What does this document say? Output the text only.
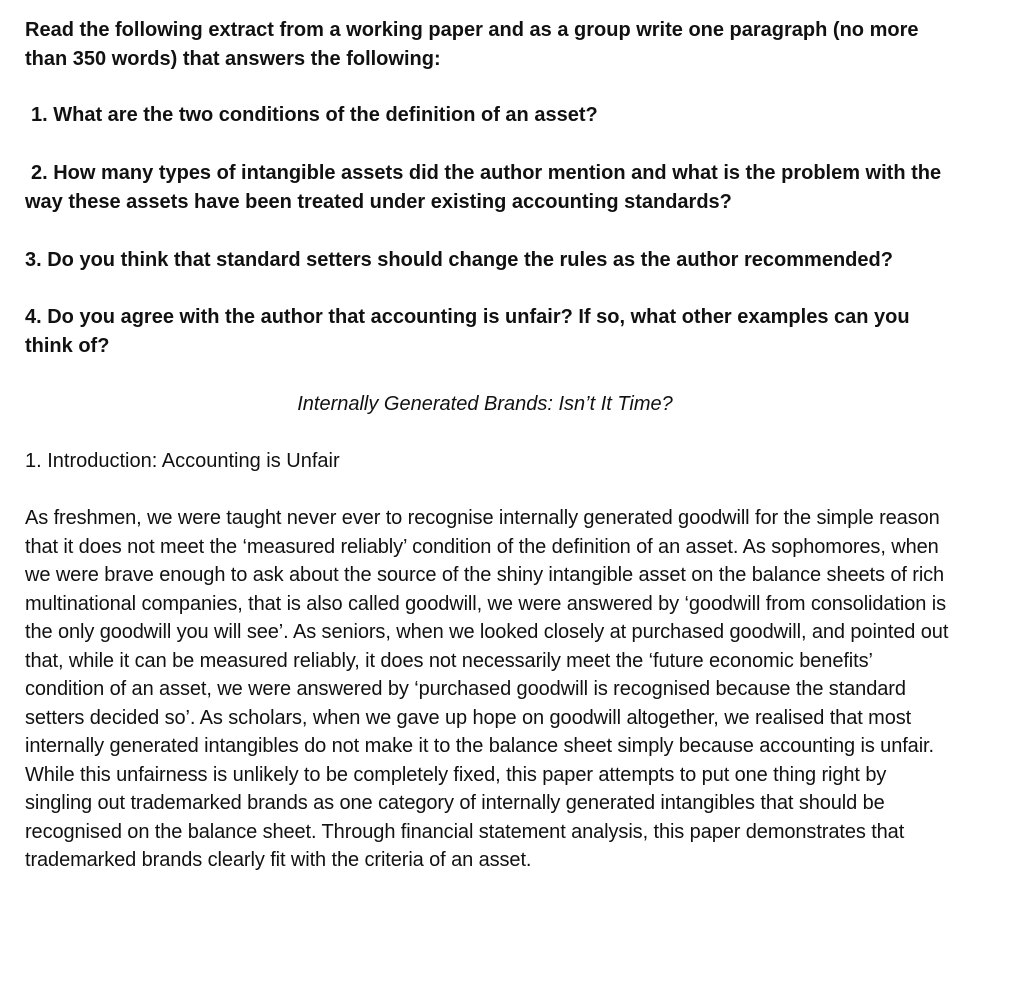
Read the following extract from a working paper and as a group write one paragraph (no more than 350 words) that answers the following:

1. What are the two conditions of the definition of an asset?

2. How many types of intangible assets did the author mention and what is the problem with the way these assets have been treated under existing accounting standards?

3. Do you think that standard setters should change the rules as the author recommended?

4. Do you agree with the author that accounting is unfair? If so, what other examples can you think of?

Internally Generated Brands: Isn’t It Time?

1. Introduction: Accounting is Unfair

As freshmen, we were taught never ever to recognise internally generated goodwill for the simple reason that it does not meet the ‘measured reliably’ condition of the definition of an asset. As sophomores, when we were brave enough to ask about the source of the shiny intangible asset on the balance sheets of rich multinational companies, that is also called goodwill, we were answered by ‘goodwill from consolidation is the only goodwill you will see’. As seniors, when we looked closely at purchased goodwill, and pointed out that, while it can be measured reliably, it does not necessarily meet the ‘future economic benefits’ condition of an asset, we were answered by ‘purchased goodwill is recognised because the standard setters decided so’. As scholars, when we gave up hope on goodwill altogether, we realised that most internally generated intangibles do not make it to the balance sheet simply because accounting is unfair. While this unfairness is unlikely to be completely fixed, this paper attempts to put one thing right by singling out trademarked brands as one category of internally generated intangibles that should be recognised on the balance sheet. Through financial statement analysis, this paper demonstrates that trademarked brands clearly fit with the criteria of an asset.
